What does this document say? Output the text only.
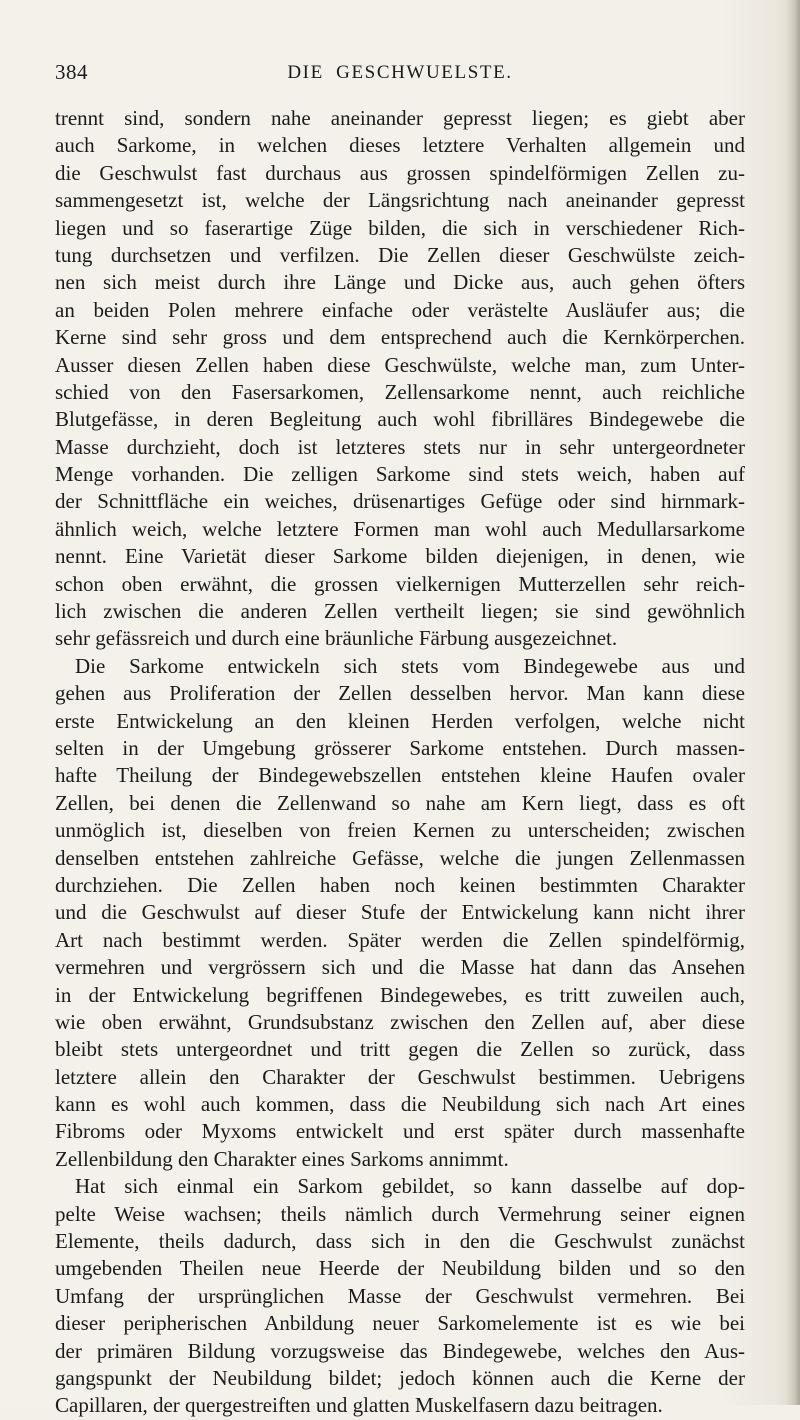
384	DIE GESCHWUELSTE.
trennt sind, sondern nahe aneinander gepresst liegen; es giebt aber
auch Sarkome, in welchen dieses letztere Verhalten allgemein und
die Geschwulst fast durchaus aus grossen spindelförmigen Zellen zu-
sammengesetzt ist, welche der Längsrichtung nach aneinander gepresst
liegen und so faserartige Züge bilden, die sich in verschiedener Rich-
tung durchsetzen und verfilzen. Die Zellen dieser Geschwülste zeich-
nen sich meist durch ihre Länge und Dicke aus, auch gehen öfters
an beiden Polen mehrere einfache oder verästelte Ausläufer aus; die
Kerne sind sehr gross und dem entsprechend auch die Kernkörperchen.
Ausser diesen Zellen haben diese Geschwülste, welche man, zum Unter-
schied von den Fasersarkomen, Zellensarkome nennt, auch reichliche
Blutgefässe, in deren Begleitung auch wohl fibrilläres Bindegewebe die
Masse durchzieht, doch ist letzteres stets nur in sehr untergeordneter
Menge vorhanden. Die zelligen Sarkome sind stets weich, haben auf
der Schnittfläche ein weiches, drüsenartiges Gefüge oder sind hirnmark-
ähnlich weich, welche letztere Formen man wohl auch Medullarsarkome
nennt. Eine Varietät dieser Sarkome bilden diejenigen, in denen, wie
schon oben erwähnt, die grossen vielkernigen Mutterzellen sehr reich-
lich zwischen die anderen Zellen vertheilt liegen; sie sind gewöhnlich
sehr gefässreich und durch eine bräunliche Färbung ausgezeichnet.
Die Sarkome entwickeln sich stets vom Bindegewebe aus und
gehen aus Proliferation der Zellen desselben hervor. Man kann diese
erste Entwickelung an den kleinen Herden verfolgen, welche nicht
selten in der Umgebung grösserer Sarkome entstehen. Durch massen-
hafte Theilung der Bindegewebszellen entstehen kleine Haufen ovaler
Zellen, bei denen die Zellenwand so nahe am Kern liegt, dass es oft
unmöglich ist, dieselben von freien Kernen zu unterscheiden; zwischen
denselben entstehen zahlreiche Gefässe, welche die jungen Zellenmassen
durchziehen. Die Zellen haben noch keinen bestimmten Charakter
und die Geschwulst auf dieser Stufe der Entwickelung kann nicht ihrer
Art nach bestimmt werden. Später werden die Zellen spindelförmig,
vermehren und vergrössern sich und die Masse hat dann das Ansehen
in der Entwickelung begriffenen Bindegewebes, es tritt zuweilen auch,
wie oben erwähnt, Grundsubstanz zwischen den Zellen auf, aber diese
bleibt stets untergeordnet und tritt gegen die Zellen so zurück, dass
letztere allein den Charakter der Geschwulst bestimmen. Uebrigens
kann es wohl auch kommen, dass die Neubildung sich nach Art eines
Fibroms oder Myxoms entwickelt und erst später durch massenhafte
Zellenbildung den Charakter eines Sarkoms annimmt.
Hat sich einmal ein Sarkom gebildet, so kann dasselbe auf dop-
pelte Weise wachsen; theils nämlich durch Vermehrung seiner eignen
Elemente, theils dadurch, dass sich in den die Geschwulst zunächst
umgebenden Theilen neue Heerde der Neubildung bilden und so den
Umfang der ursprünglichen Masse der Geschwulst vermehren. Bei
dieser peripherischen Anbildung neuer Sarkomelemente ist es wie bei
der primären Bildung vorzugsweise das Bindegewebe, welches den Aus-
gangspunkt der Neubildung bildet; jedoch können auch die Kerne der
Capillaren, der quergestreiften und glatten Muskelfasern dazu beitragen.
